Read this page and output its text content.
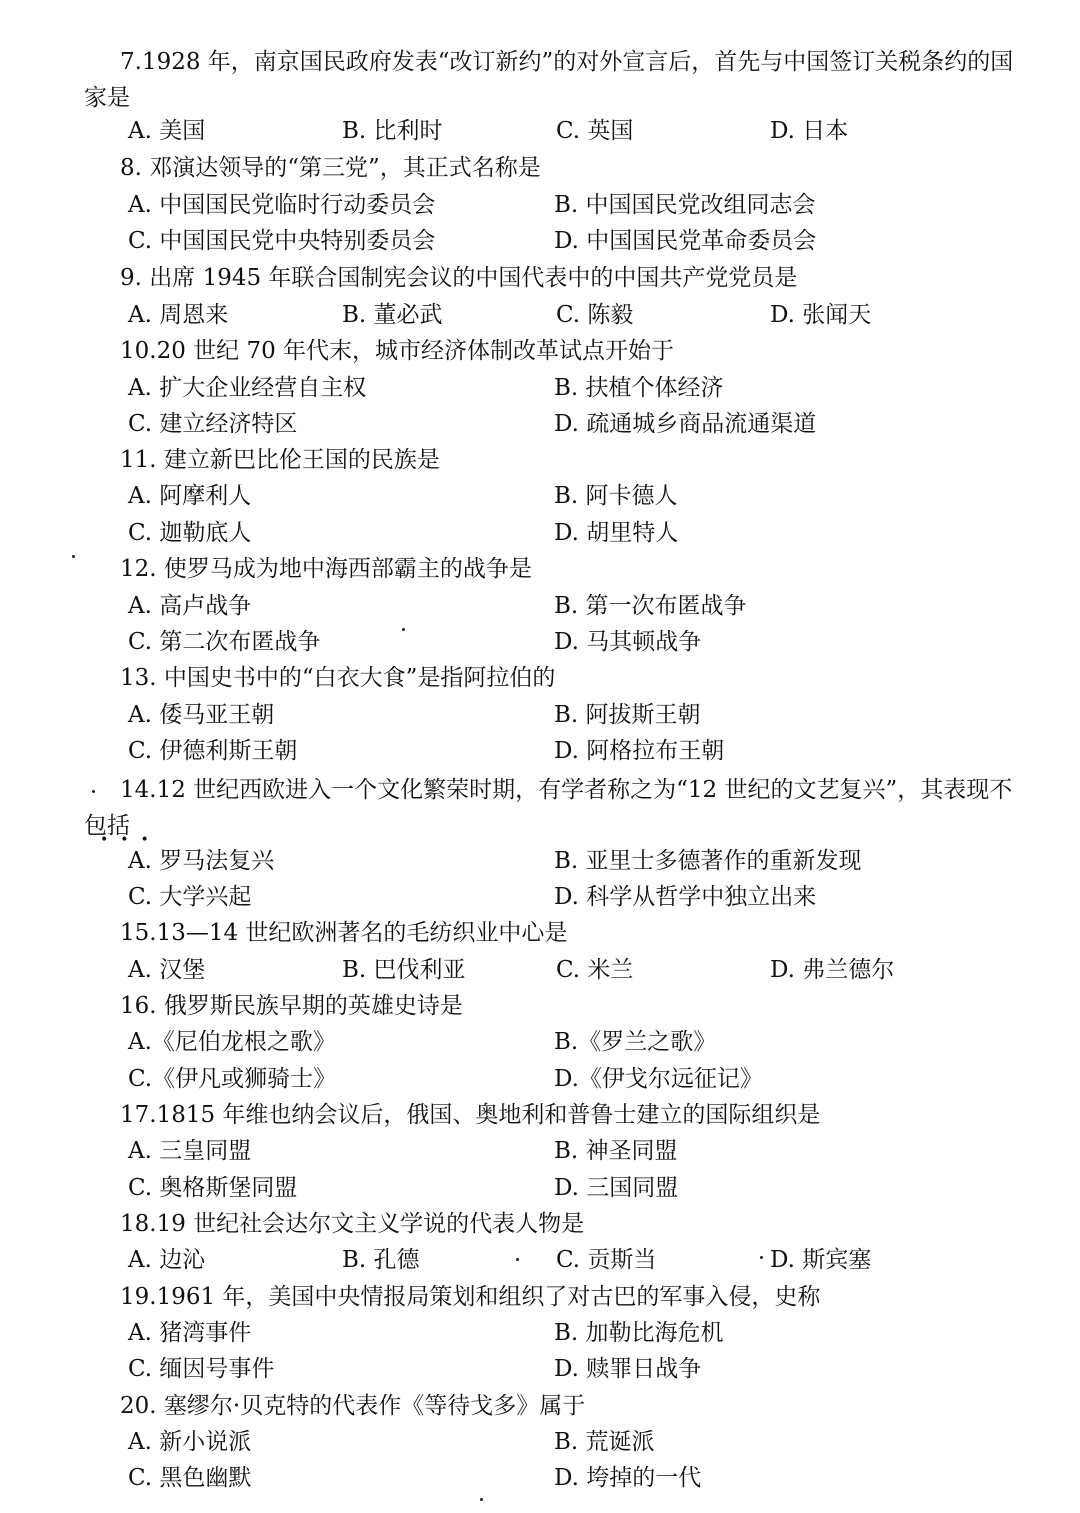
7.1928 年，南京国民政府发表“改订新约”的对外宣言后，首先与中国签订关税条约的国家是
A. 美国	B. 比利时	C. 英国	D. 日本
8. 邓演达领导的“第三党”，其正式名称是
A. 中国国民党临时行动委员会	B. 中国国民党改组同志会
C. 中国国民党中央特别委员会	D. 中国国民党革命委员会
9. 出席 1945 年联合国制宪会议的中国代表中的中国共产党党员是
A. 周恩来	B. 董必武	C. 陈毅	D. 张闻天
10.20 世纪 70 年代末，城市经济体制改革试点开始于
A. 扩大企业经营自主权	B. 扶植个体经济
C. 建立经济特区	D. 疏通城乡商品流通渠道
11. 建立新巴比伦王国的民族是
A. 阿摩利人	B. 阿卡德人
C. 迦勒底人	D. 胡里特人
12. 使罗马成为地中海西部霸主的战争是
A. 高卢战争	B. 第一次布匿战争
C. 第二次布匿战争	D. 马其顿战争
13. 中国史书中的“白衣大食”是指阿拉伯的
A. 倭马亚王朝	B. 阿拔斯王朝
C. 伊德利斯王朝	D. 阿格拉布王朝
14.12 世纪西欧进入一个文化繁荣时期，有学者称之为“12 世纪的文艺复兴”，其表现不包括
•••
A. 罗马法复兴	B. 亚里士多德著作的重新发现
C. 大学兴起	D. 科学从哲学中独立出来
15.13—14 世纪欧洲著名的毛纺织业中心是
A. 汉堡	B. 巴伐利亚	C. 米兰	D. 弗兰德尔
16. 俄罗斯民族早期的英雄史诗是
A.《尼伯龙根之歌》	B.《罗兰之歌》
C.《伊凡或狮骑士》	D.《伊戈尔远征记》
17.1815 年维也纳会议后，俄国、奥地利和普鲁士建立的国际组织是
A. 三皇同盟	B. 神圣同盟
C. 奥格斯堡同盟	D. 三国同盟
18.19 世纪社会达尔文主义学说的代表人物是
A. 边沁	B. 孔德	C. 贡斯当	D. 斯宾塞
19.1961 年，美国中央情报局策划和组织了对古巴的军事入侵，史称
A. 猪湾事件	B. 加勒比海危机
C. 缅因号事件	D. 赎罪日战争
20. 塞缪尔·贝克特的代表作《等待戈多》属于
A. 新小说派	B. 荒诞派
C. 黑色幽默	D. 垮掉的一代
